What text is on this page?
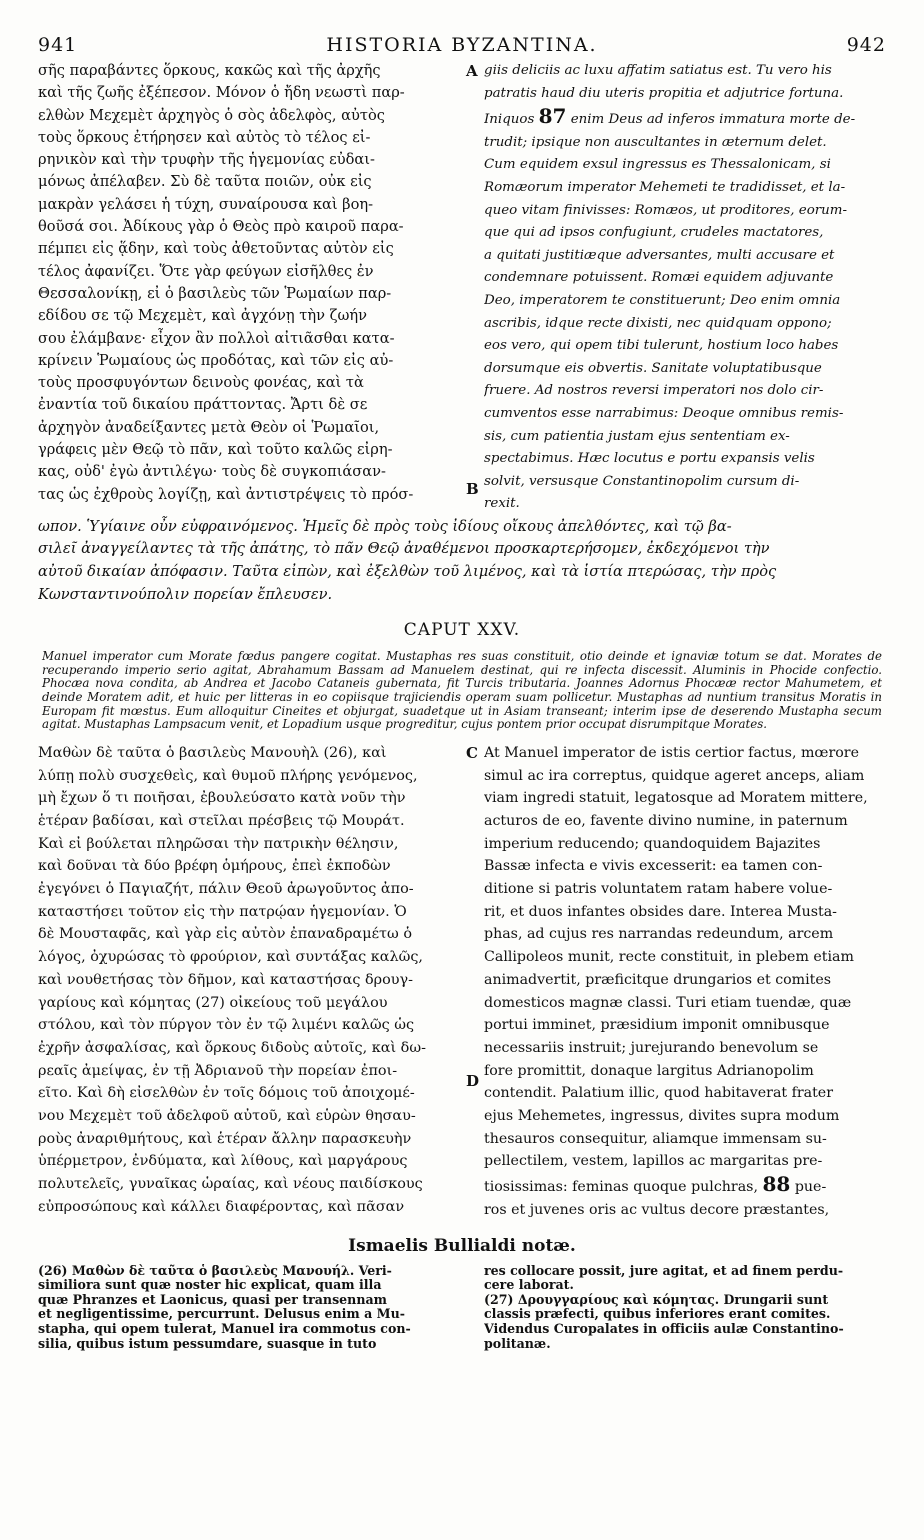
941	HISTORIA BYZANTINA.	942
σῆς παραβάντες ὅρκους, κακῶς καὶ τῆς ἀρχῆς
καὶ τῆς ζωῆς ἐξέπεσον. Μόνον ὁ ἤδη νεωστὶ παρ-
ελθὼν Μεχεμὲτ ἀρχηγὸς ὁ σὸς ἀδελφὸς, αὐτὸς
τοὺς ὅρκους ἐτήρησεν καὶ αὐτὸς τὸ τέλος εἰ-
ρηνικὸν καὶ τὴν τρυφὴν τῆς ἡγεμονίας εὐδαι-
μόνως ἀπέλαβεν. Σὺ δὲ ταῦτα ποιῶν, οὐκ εἰς
μακρὰν γελάσει ἡ τύχη, συναίρουσα καὶ βοη-
θοῦσά σοι. Ἀδίκους γὰρ ὁ Θεὸς πρὸ καιροῦ παρα-
πέμπει εἰς ᾅδην, καὶ τοὺς ἀθετοῦντας αὐτὸν εἰς
τέλος ἀφανίζει. Ὅτε γὰρ φεύγων εἰσῆλθες ἐν
Θεσσαλονίκῃ, εἰ ὁ βασιλεὺς τῶν Ῥωμαίων παρ-
εδίδου σε τῷ Μεχεμὲτ, καὶ ἀγχόνῃ τὴν ζωήν
σου ἐλάμβανε· εἶχον ἂν πολλοὶ αἰτιᾶσθαι κατα-
κρίνειν Ῥωμαίους ὡς προδότας, καὶ τῶν εἰς αὐ-
τοὺς προσφυγόντων δεινοὺς φονέας, καὶ τὰ
ἐναντία τοῦ δικαίου πράττοντας. Ἄρτι δὲ σε
ἀρχηγὸν ἀναδείξαντες μετὰ Θεὸν οἱ Ῥωμαῖοι,
γράφεις μὲν Θεῷ τὸ πᾶν, καὶ τοῦτο καλῶς εἰρη-
κας, οὐδ' ἐγὼ ἀντιλέγω· τοὺς δὲ συγκοπιάσαν-
τας ὡς ἐχθροὺς λογίζῃ, καὶ ἀντιστρέψεις τὸ πρόσ-
A
B
giis deliciis ac luxu affatim satiatus est. Tu vero his
patratis haud diu uteris propitia et adjutrice fortuna.
Iniquos 87 enim Deus ad inferos immatura morte de-
trudit; ipsique non auscultantes in æternum delet.
Cum equidem exsul ingressus es Thessalonicam, si
Romæorum imperator Mehemeti te tradidisset, et la-
queo vitam finivisses: Romæos, ut proditores, eorum-
que qui ad ipsos confugiunt, crudeles mactatores,
a quitati justitiæque adversantes, multi accusare et
condemnare potuissent. Romæi equidem adjuvante
Deo, imperatorem te constituerunt; Deo enim omnia
ascribis, idque recte dixisti, nec quidquam oppono;
eos vero, qui opem tibi tulerunt, hostium loco habes
dorsumque eis obvertis. Sanitate voluptatibusque
fruere. Ad nostros reversi imperatori nos dolo cir-
cumventos esse narrabimus: Deoque omnibus remis-
sis, cum patientia justam ejus sententiam ex-
spectabimus. Hæc locutus e portu expansis velis
solvit, versusque Constantinopolim cursum di-
rexit.
ωπον. Ὑγίαινε οὖν εὐφραινόμενος. Ἡμεῖς δὲ πρὸς τοὺς ἰδίους οἴκους ἀπελθόντες, καὶ τῷ βα-
σιλεῖ ἀναγγείλαντες τὰ τῆς ἀπάτης, τὸ πᾶν Θεῷ ἀναθέμενοι προσκαρτερήσομεν, ἐκδεχόμενοι τὴν
αὐτοῦ δικαίαν ἀπόφασιν. Ταῦτα εἰπὼν, καὶ ἐξελθὼν τοῦ λιμένος, καὶ τὰ ἱστία πτερώσας, τὴν πρὸς
Κωνσταντινούπολιν πορείαν ἔπλευσεν.
CAPUT XXV.
Manuel imperator cum Morate fœdus pangere cogitat. Mustaphas res suas constituit, otio deinde et ignaviæ totum se dat. Morates de recuperando imperio serio agitat, Abrahamum Bassam ad Manuelem destinat, qui re infecta discessit. Aluminis in Phocide confectio. Phocæa nova condita, ab Andrea et Jacobo Cataneis gubernata, fit Turcis tributaria. Joannes Adornus Phocææ rector Mahumetem, et deinde Moratem adit, et huic per litteras in eo copiisque trajiciendis operam suam pollicetur. Mustaphas ad nuntium transitus Moratis in Europam fit mœstus. Eum alloquitur Cineites et objurgat, suadetque ut in Asiam transeant; interim ipse de deserendo Mustapha secum agitat. Mustaphas Lampsacum venit, et Lopadium usque progreditur, cujus pontem prior occupat disrumpitque Morates.
Μαθὼν δὲ ταῦτα ὁ βασιλεὺς Μανουὴλ (26), καὶ
λύπῃ πολὺ συσχεθεὶς, καὶ θυμοῦ πλήρης γενόμενος,
μὴ ἔχων ὅ τι ποιῆσαι, ἐβουλεύσατο κατὰ νοῦν τὴν
ἑτέραν βαδίσαι, καὶ στεῖλαι πρέσβεις τῷ Μουράτ.
Καὶ εἰ βούλεται πληρῶσαι τὴν πατρικὴν θέλησιν,
καὶ δοῦναι τὰ δύο βρέφη ὁμήρους, ἐπεὶ ἐκποδὼν
ἐγεγόνει ὁ Παγιαζήτ, πάλιν Θεοῦ ἀρωγοῦντος ἀπο-
καταστήσει τοῦτον εἰς τὴν πατρῴαν ἡγεμονίαν. Ὁ
δὲ Μουσταφᾶς, καὶ γὰρ εἰς αὐτὸν ἐπαναδραμέτω ὁ
λόγος, ὀχυρώσας τὸ φρούριον, καὶ συντάξας καλῶς,
καὶ νουθετήσας τὸν δῆμον, καὶ καταστήσας δρουγ-
γαρίους καὶ κόμητας (27) οἰκείους τοῦ μεγάλου
στόλου, καὶ τὸν πύργον τὸν ἐν τῷ λιμένι καλῶς ὡς
ἐχρῆν ἀσφαλίσας, καὶ ὅρκους διδοὺς αὐτοῖς, καὶ δω-
ρεαῖς ἀμείψας, ἐν τῇ Ἀδριανοῦ τὴν πορείαν ἐποι-
εῖτο. Καὶ δὴ εἰσελθὼν ἐν τοῖς δόμοις τοῦ ἀποιχομέ-
νου Μεχεμὲτ τοῦ ἀδελφοῦ αὐτοῦ, καὶ εὑρὼν θησαυ-
ροὺς ἀναριθμήτους, καὶ ἑτέραν ἄλλην παρασκευὴν
ὑπέρμετρον, ἐνδύματα, καὶ λίθους, καὶ μαργάρους
πολυτελεῖς, γυναῖκας ὡραίας, καὶ νέους παιδίσκους
εὐπροσώπους καὶ κάλλει διαφέροντας, καὶ πᾶσαν
C
D
At Manuel imperator de istis certior factus, mœrore
simul ac ira correptus, quidque ageret anceps, aliam
viam ingredi statuit, legatosque ad Moratem mittere,
acturos de eo, favente divino numine, in paternum
imperium reducendo; quandoquidem Bajazites
Bassæ infecta e vivis excesserit: ea tamen con-
ditione si patris voluntatem ratam habere volue-
rit, et duos infantes obsides dare. Interea Musta-
phas, ad cujus res narrandas redeundum, arcem
Callipoleos munit, recte constituit, in plebem etiam
animadvertit, præficitque drungarios et comites
domesticos magnæ classi. Turi etiam tuendæ, quæ
portui imminet, præsidium imponit omnibusque
necessariis instruit; jurejurando benevolum se
fore promittit, donaque largitus Adrianopolim
contendit. Palatium illic, quod habitaverat frater
ejus Mehemetes, ingressus, divites supra modum
thesauros consequitur, aliamque immensam su-
pellectilem, vestem, lapillos ac margaritas pre-
tiosissimas: feminas quoque pulchras, 88 pue-
ros et juvenes oris ac vultus decore præstantes,
Ismaelis Bullialdi notæ.
(26) Μαθὼν δὲ ταῦτα ὁ βασιλεὺς Μανουήλ. Veri-
similiora sunt quæ noster hic explicat, quam illa
quæ Phranzes et Laonicus, quasi per transennam
et negligentissime, percurrunt. Delusus enim a Mu-
stapha, qui opem tulerat, Manuel ira commotus con-
silia, quibus istum pessumdare, suasque in tuto
res collocare possit, jure agitat, et ad finem perdu-
cere laborat.
(27) Δρουγγαρίους καὶ κόμητας. Drungarii sunt
classis præfecti, quibus inferiores erant comites.
Videndus Curopalates in officiis aulæ Constantino-
politanæ.
